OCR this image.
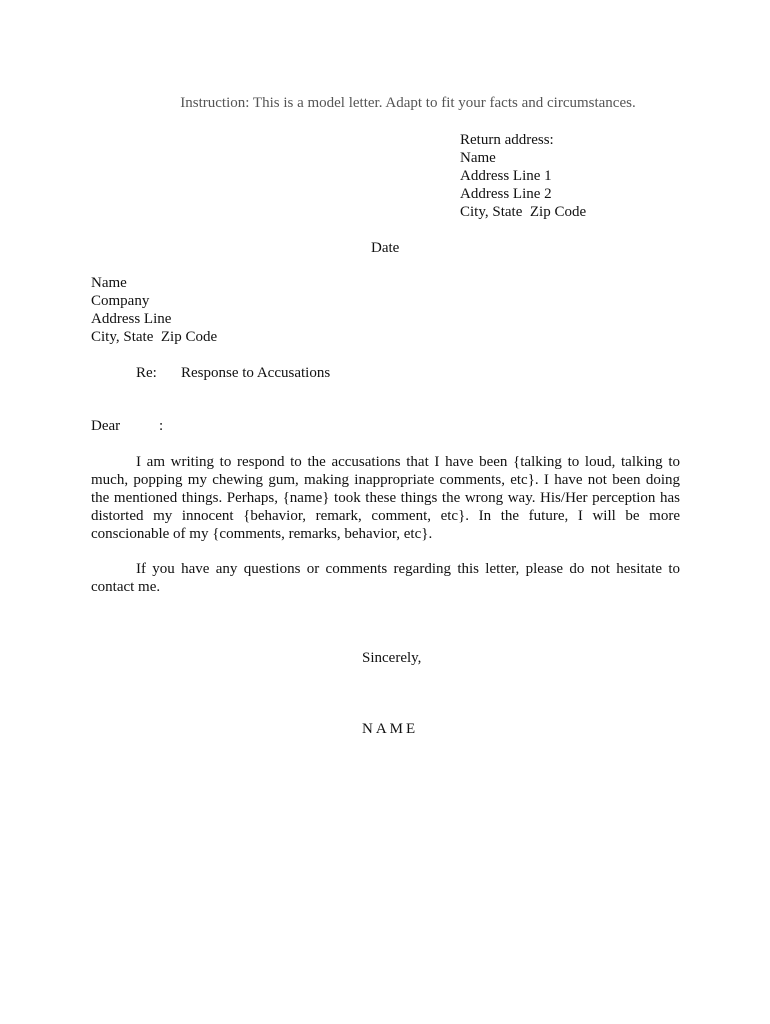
Instruction: This is a model letter. Adapt to fit your facts and circumstances.
Return address:
Name
Address Line 1
Address Line 2
City, State  Zip Code
Date
Name
Company
Address Line
City, State  Zip Code
Re: Response to Accusations
Dear	:

I am writing to respond to the accusations that I have been {talking to loud, talking to much, popping my chewing gum, making inappropriate comments, etc}. I have not been doing the mentioned things. Perhaps, {name} took these things the wrong way. His/Her perception has distorted my innocent {behavior, remark, comment, etc}. In the future, I will be more conscionable of my {comments, remarks, behavior, etc}.

If you have any questions or comments regarding this letter, please do not hesitate to contact me.

Sincerely,
NAME
